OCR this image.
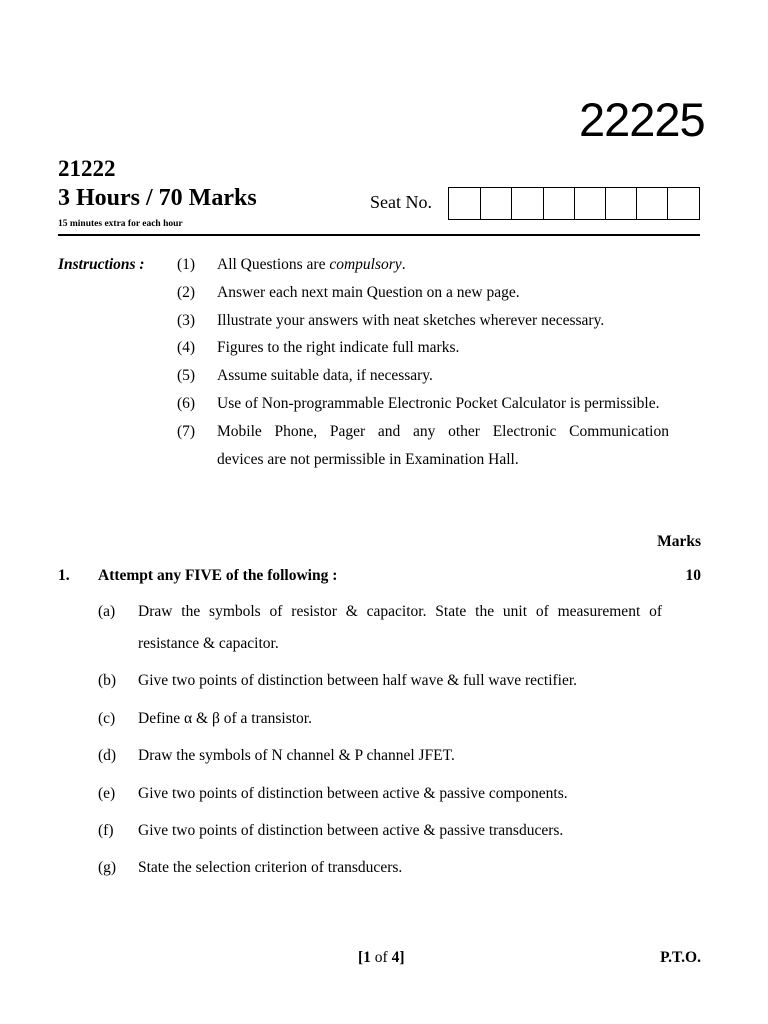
22225
21222
3 Hours / 70 Marks
15 minutes extra for each hour
Seat No.
Instructions : (1) All Questions are compulsory.
(2) Answer each next main Question on a new page.
(3) Illustrate your answers with neat sketches wherever necessary.
(4) Figures to the right indicate full marks.
(5) Assume suitable data, if necessary.
(6) Use of Non-programmable Electronic Pocket Calculator is permissible.
(7) Mobile Phone, Pager and any other Electronic Communication
devices are not permissible in Examination Hall.
Marks
1. Attempt any FIVE of the following :	10
(a) Draw the symbols of resistor & capacitor. State the unit of measurement of
resistance & capacitor.
(b) Give two points of distinction between half wave & full wave rectifier.
(c) Define α & β of a transistor.
(d) Draw the symbols of N channel & P channel JFET.
(e) Give two points of distinction between active & passive components.
(f) Give two points of distinction between active & passive transducers.
(g) State the selection criterion of transducers.
[1 of 4]	P.T.O.
